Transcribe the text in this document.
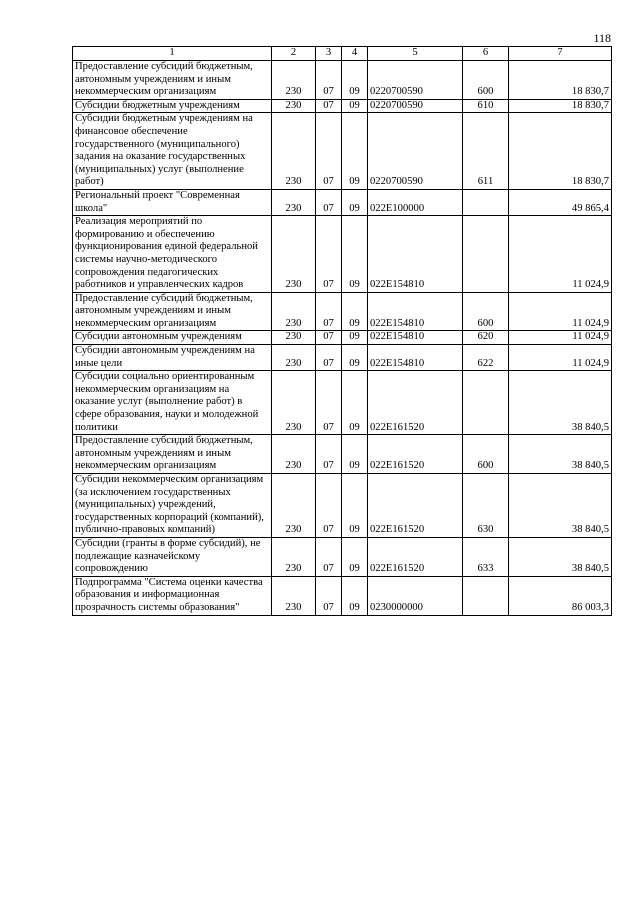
118
1	2	3	4	5	6	7
Предоставление субсидий бюджетным, автономным учреждениям и иным некоммерческим организациям	230	07	09	0220700590	600	18 830,7
Субсидии бюджетным учреждениям	230	07	09	0220700590	610	18 830,7
Субсидии бюджетным учреждениям на финансовое обеспечение государственного (муниципального) задания на оказание государственных (муниципальных) услуг (выполнение работ)	230	07	09	0220700590	611	18 830,7
Региональный проект "Современная школа"	230	07	09	022E100000		49 865,4
Реализация мероприятий по формированию и обеспечению функционирования единой федеральной системы научно-методического сопровождения педагогических работников и управленческих кадров	230	07	09	022E154810		11 024,9
Предоставление субсидий бюджетным, автономным учреждениям и иным некоммерческим организациям	230	07	09	022E154810	600	11 024,9
Субсидии автономным учреждениям	230	07	09	022E154810	620	11 024,9
Субсидии автономным учреждениям на иные цели	230	07	09	022E154810	622	11 024,9
Субсидии социально ориентированным некоммерческим организациям на оказание услуг (выполнение работ) в сфере образования, науки и молодежной политики	230	07	09	022E161520		38 840,5
Предоставление субсидий бюджетным, автономным учреждениям и иным некоммерческим организациям	230	07	09	022E161520	600	38 840,5
Субсидии некоммерческим организациям (за исключением государственных (муниципальных) учреждений, государственных корпораций (компаний), публично-правовых компаний)	230	07	09	022E161520	630	38 840,5
Субсидии (гранты в форме субсидий), не подлежащие казначейскому сопровождению	230	07	09	022E161520	633	38 840,5
Подпрограмма "Система оценки качества образования и информационная прозрачность системы образования"	230	07	09	0230000000		86 003,3
